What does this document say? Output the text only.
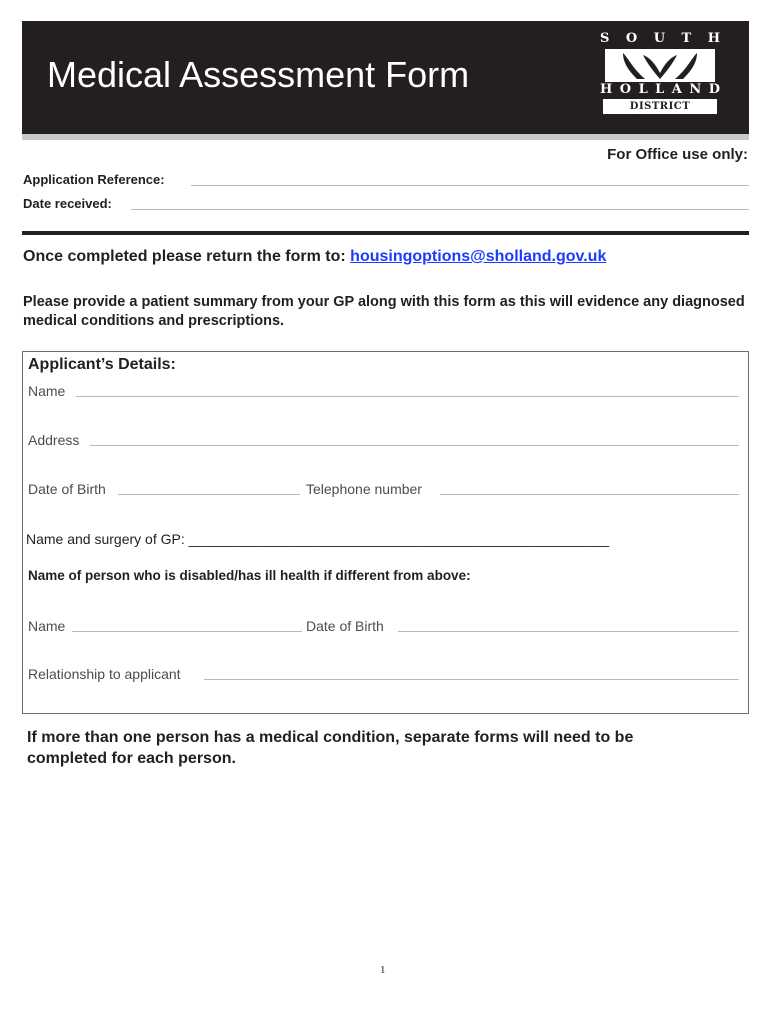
Medical Assessment Form
S O U T H
H O L L A N D
DISTRICT COUNCIL
For Office use only:
Application Reference:
Date received:
Once completed please return the form to: housingoptions@sholland.gov.uk
Please provide a patient summary from your GP along with this form as this will evidence any diagnosed medical conditions and prescriptions.
Applicant’s Details:
Name
Address
Date of Birth	Telephone number
Name and surgery of GP: ______________________________________________________
Name of person who is disabled/has ill health if different from above:
Name	Date of Birth
Relationship to applicant
If more than one person has a medical condition, separate forms will need to be completed for each person.
1
